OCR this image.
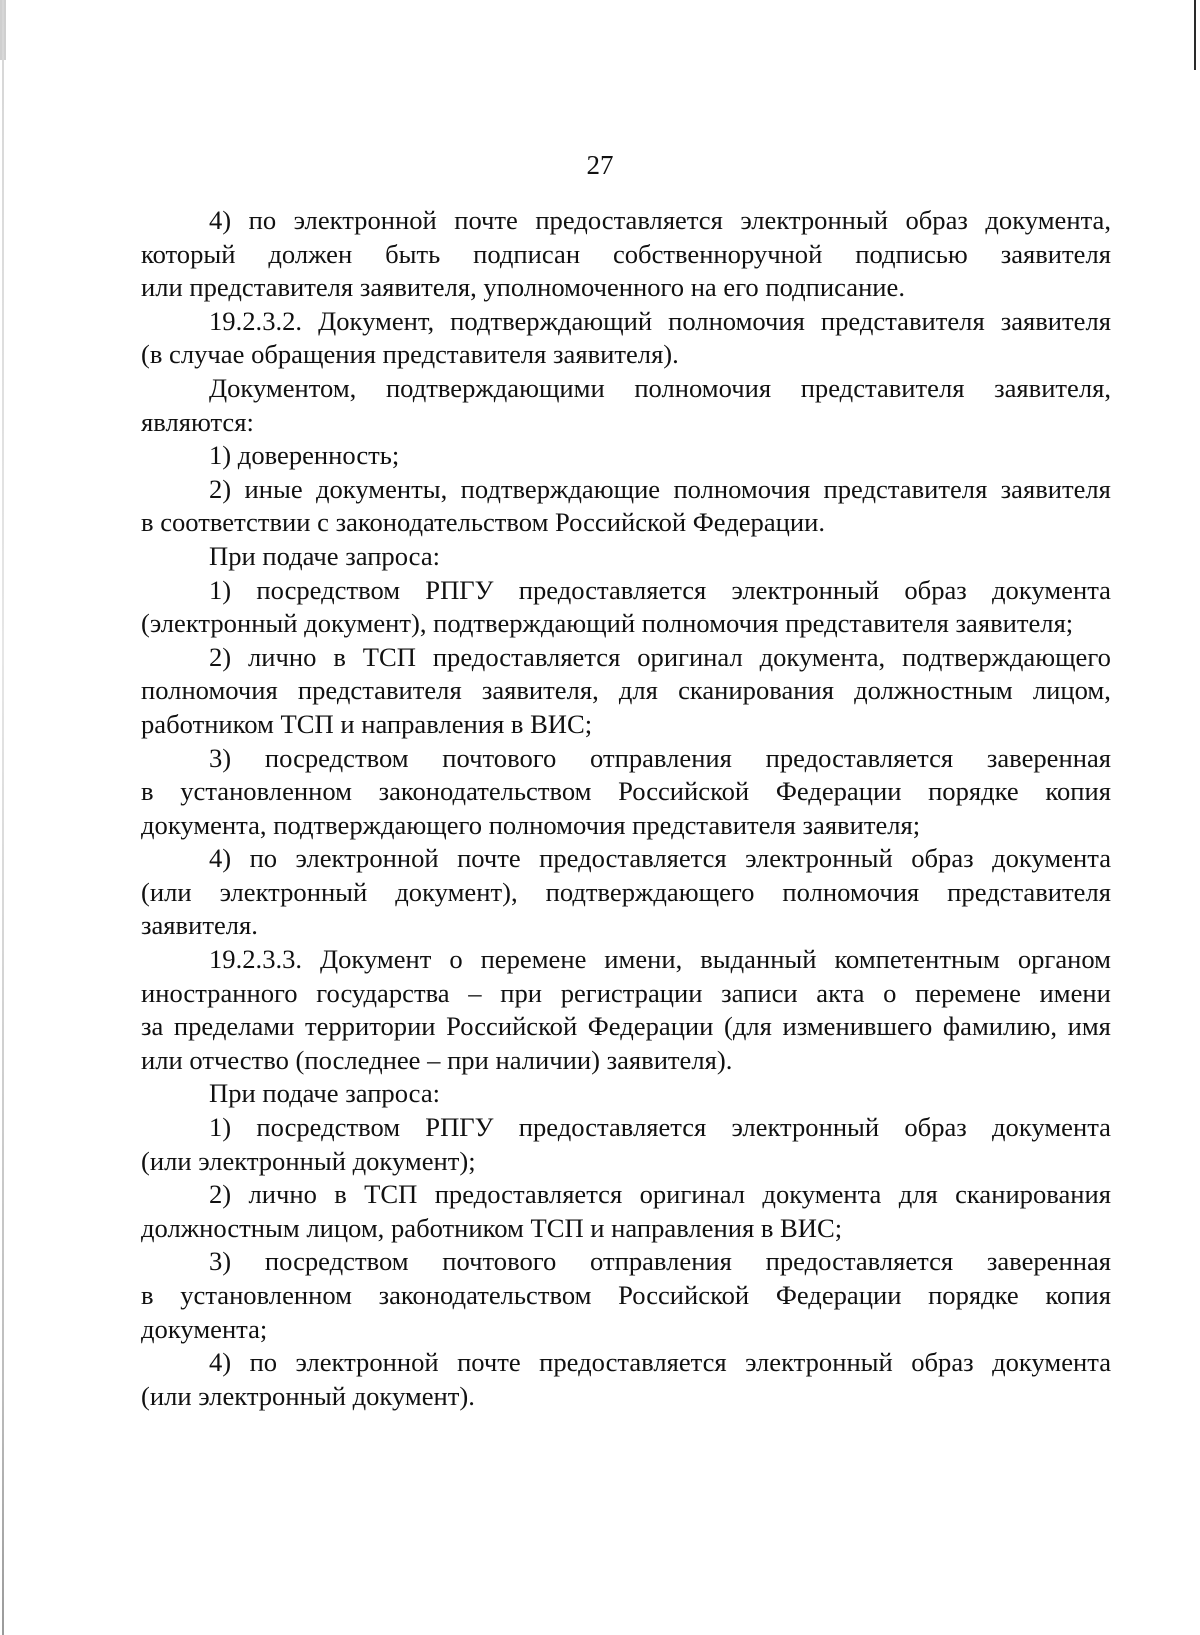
27
4) по электронной почте предоставляется электронный образ документа,
который должен быть подписан собственноручной подписью заявителя
или представителя заявителя, уполномоченного на его подписание.
19.2.3.2. Документ, подтверждающий полномочия представителя заявителя
(в случае обращения представителя заявителя).
Документом, подтверждающими полномочия представителя заявителя,
являются:
1) доверенность;
2) иные документы, подтверждающие полномочия представителя заявителя
в соответствии с законодательством Российской Федерации.
При подаче запроса:
1) посредством РПГУ предоставляется электронный образ документа
(электронный документ), подтверждающий полномочия представителя заявителя;
2) лично в ТСП предоставляется оригинал документа, подтверждающего
полномочия представителя заявителя, для сканирования должностным лицом,
работником ТСП и направления в ВИС;
3) посредством почтового отправления предоставляется заверенная
в установленном законодательством Российской Федерации порядке копия
документа, подтверждающего полномочия представителя заявителя;
4) по электронной почте предоставляется электронный образ документа
(или электронный документ), подтверждающего полномочия представителя
заявителя.
19.2.3.3. Документ о перемене имени, выданный компетентным органом
иностранного государства – при регистрации записи акта о перемене имени
за пределами территории Российской Федерации (для изменившего фамилию, имя
или отчество (последнее – при наличии) заявителя).
При подаче запроса:
1) посредством РПГУ предоставляется электронный образ документа
(или электронный документ);
2) лично в ТСП предоставляется оригинал документа для сканирования
должностным лицом, работником ТСП и направления в ВИС;
3) посредством почтового отправления предоставляется заверенная
в установленном законодательством Российской Федерации порядке копия
документа;
4) по электронной почте предоставляется электронный образ документа
(или электронный документ).
